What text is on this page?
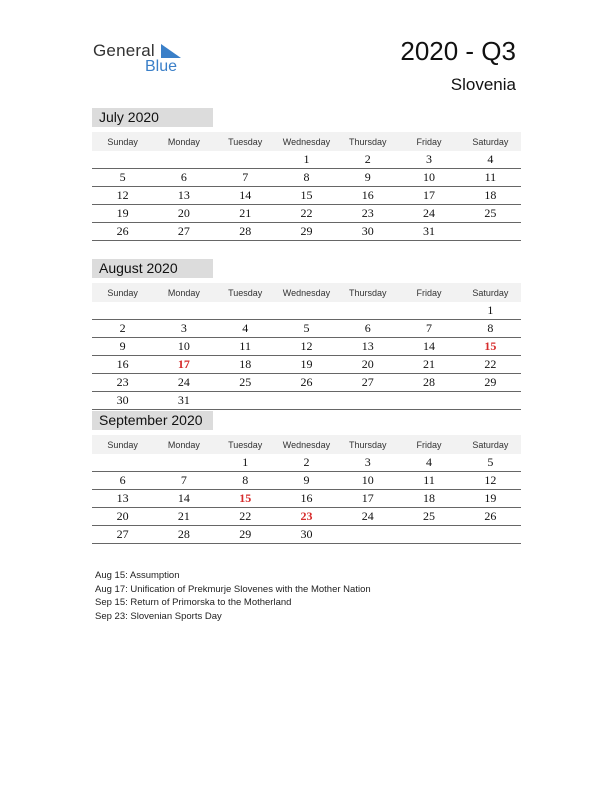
General
Blue
2020 - Q3
Slovenia
July 2020
Sunday	Monday	Tuesday	Wednesday	Thursday	Friday	Saturday
			1	2	3	4
5	6	7	8	9	10	11
12	13	14	15	16	17	18
19	20	21	22	23	24	25
26	27	28	29	30	31	
August 2020
Sunday	Monday	Tuesday	Wednesday	Thursday	Friday	Saturday
						1
2	3	4	5	6	7	8
9	10	11	12	13	14	15
16	17	18	19	20	21	22
23	24	25	26	27	28	29
30	31					
September 2020
Sunday	Monday	Tuesday	Wednesday	Thursday	Friday	Saturday
		1	2	3	4	5
6	7	8	9	10	11	12
13	14	15	16	17	18	19
20	21	22	23	24	25	26
27	28	29	30			
Aug 15: Assumption
Aug 17: Unification of Prekmurje Slovenes with the Mother Nation
Sep 15: Return of Primorska to the Motherland
Sep 23: Slovenian Sports Day
